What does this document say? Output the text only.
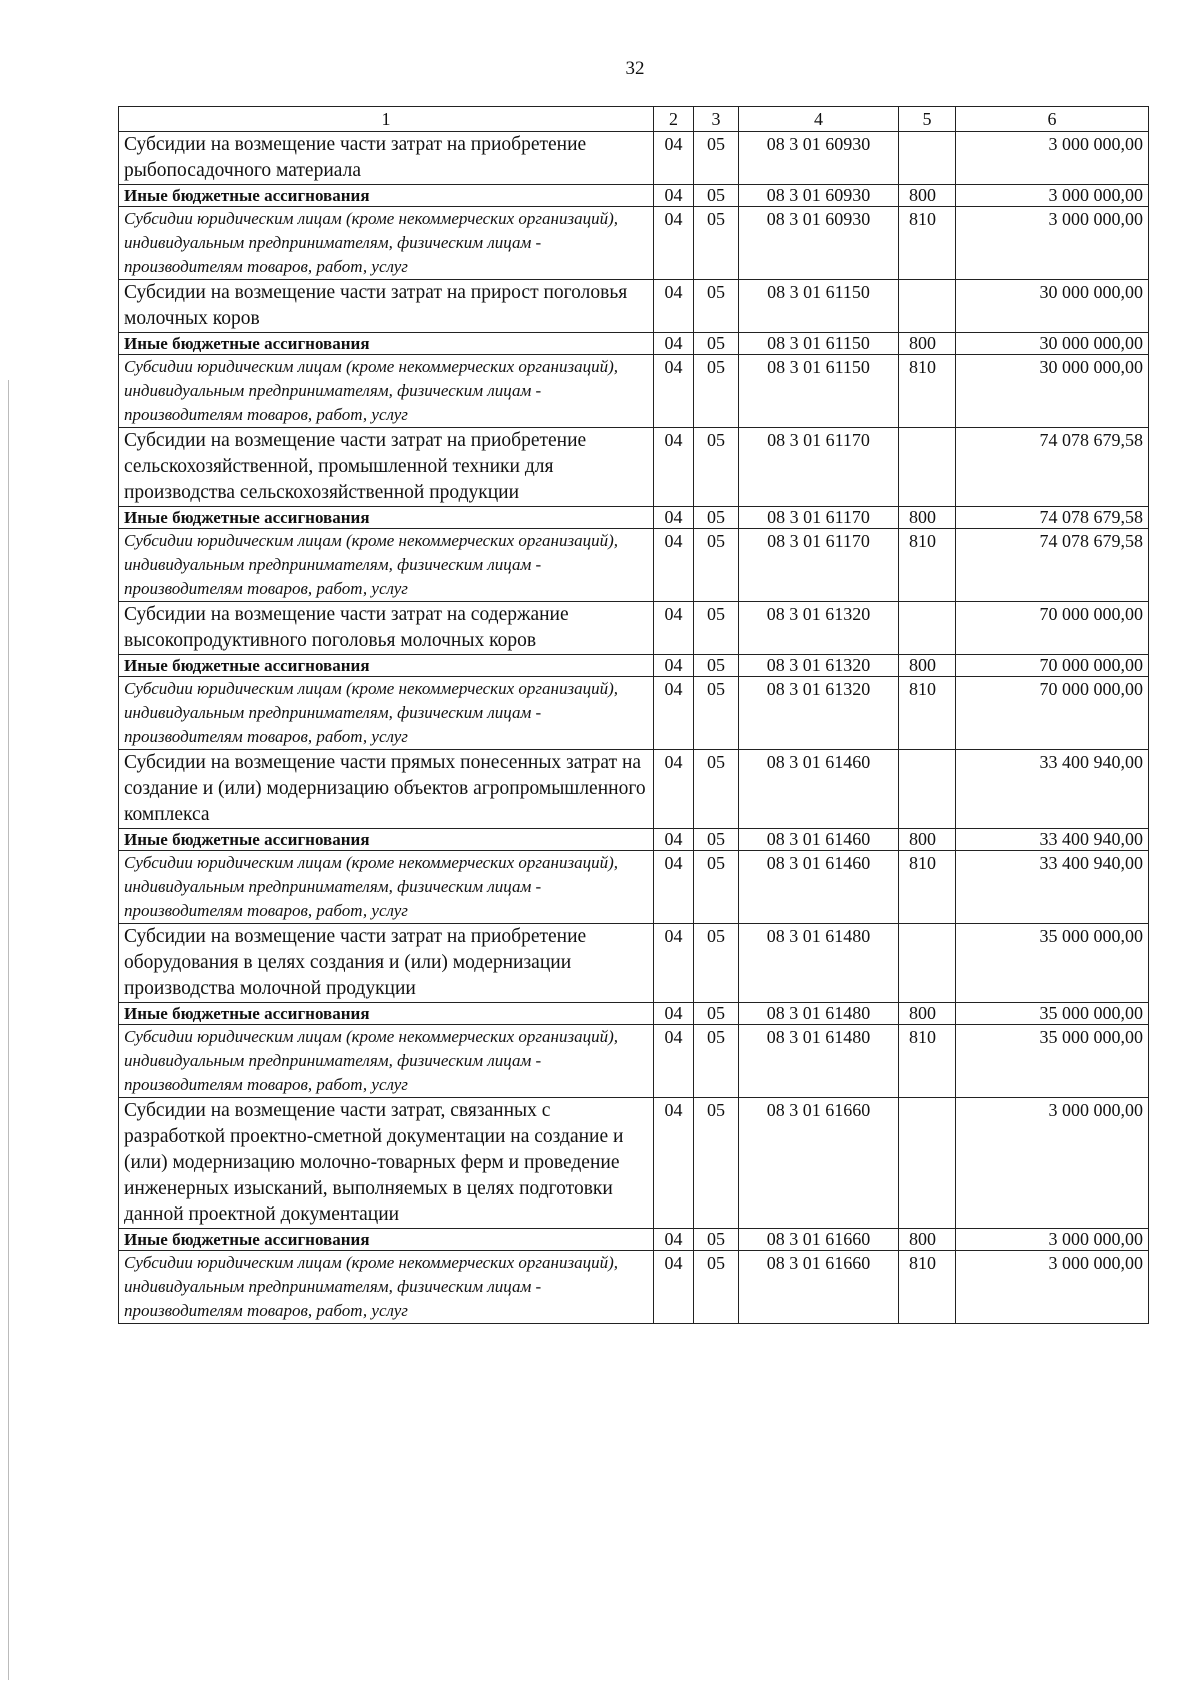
32
1	2	3	4	5	6
Субсидии на возмещение части затрат на приобретение рыбопосадочного материала	04	05	08 3 01 60930		3 000 000,00
Иные бюджетные ассигнования	04	05	08 3 01 60930	800	3 000 000,00
Субсидии юридическим лицам (кроме некоммерческих организаций), индивидуальным предпринимателям, физическим лицам - производителям товаров, работ, услуг	04	05	08 3 01 60930	810	3 000 000,00
Субсидии на возмещение части затрат на прирост поголовья молочных коров	04	05	08 3 01 61150		30 000 000,00
Иные бюджетные ассигнования	04	05	08 3 01 61150	800	30 000 000,00
Субсидии юридическим лицам (кроме некоммерческих организаций), индивидуальным предпринимателям, физическим лицам - производителям товаров, работ, услуг	04	05	08 3 01 61150	810	30 000 000,00
Субсидии на возмещение части затрат на приобретение сельскохозяйственной, промышленной техники для производства сельскохозяйственной продукции	04	05	08 3 01 61170		74 078 679,58
Иные бюджетные ассигнования	04	05	08 3 01 61170	800	74 078 679,58
Субсидии юридическим лицам (кроме некоммерческих организаций), индивидуальным предпринимателям, физическим лицам - производителям товаров, работ, услуг	04	05	08 3 01 61170	810	74 078 679,58
Субсидии на возмещение части затрат на содержание высокопродуктивного поголовья молочных коров	04	05	08 3 01 61320		70 000 000,00
Иные бюджетные ассигнования	04	05	08 3 01 61320	800	70 000 000,00
Субсидии юридическим лицам (кроме некоммерческих организаций), индивидуальным предпринимателям, физическим лицам - производителям товаров, работ, услуг	04	05	08 3 01 61320	810	70 000 000,00
Субсидии на возмещение части прямых понесенных затрат на создание и (или) модернизацию объектов агропромышленного комплекса	04	05	08 3 01 61460		33 400 940,00
Иные бюджетные ассигнования	04	05	08 3 01 61460	800	33 400 940,00
Субсидии юридическим лицам (кроме некоммерческих организаций), индивидуальным предпринимателям, физическим лицам - производителям товаров, работ, услуг	04	05	08 3 01 61460	810	33 400 940,00
Субсидии на возмещение части затрат на приобретение оборудования в целях создания и (или) модернизации производства молочной продукции	04	05	08 3 01 61480		35 000 000,00
Иные бюджетные ассигнования	04	05	08 3 01 61480	800	35 000 000,00
Субсидии юридическим лицам (кроме некоммерческих организаций), индивидуальным предпринимателям, физическим лицам - производителям товаров, работ, услуг	04	05	08 3 01 61480	810	35 000 000,00
Субсидии на возмещение части затрат, связанных с разработкой проектно-сметной документации на создание и (или) модернизацию молочно-товарных ферм и проведение инженерных изысканий, выполняемых в целях подготовки данной проектной документации	04	05	08 3 01 61660		3 000 000,00
Иные бюджетные ассигнования	04	05	08 3 01 61660	800	3 000 000,00
Субсидии юридическим лицам (кроме некоммерческих организаций), индивидуальным предпринимателям, физическим лицам - производителям товаров, работ, услуг	04	05	08 3 01 61660	810	3 000 000,00
